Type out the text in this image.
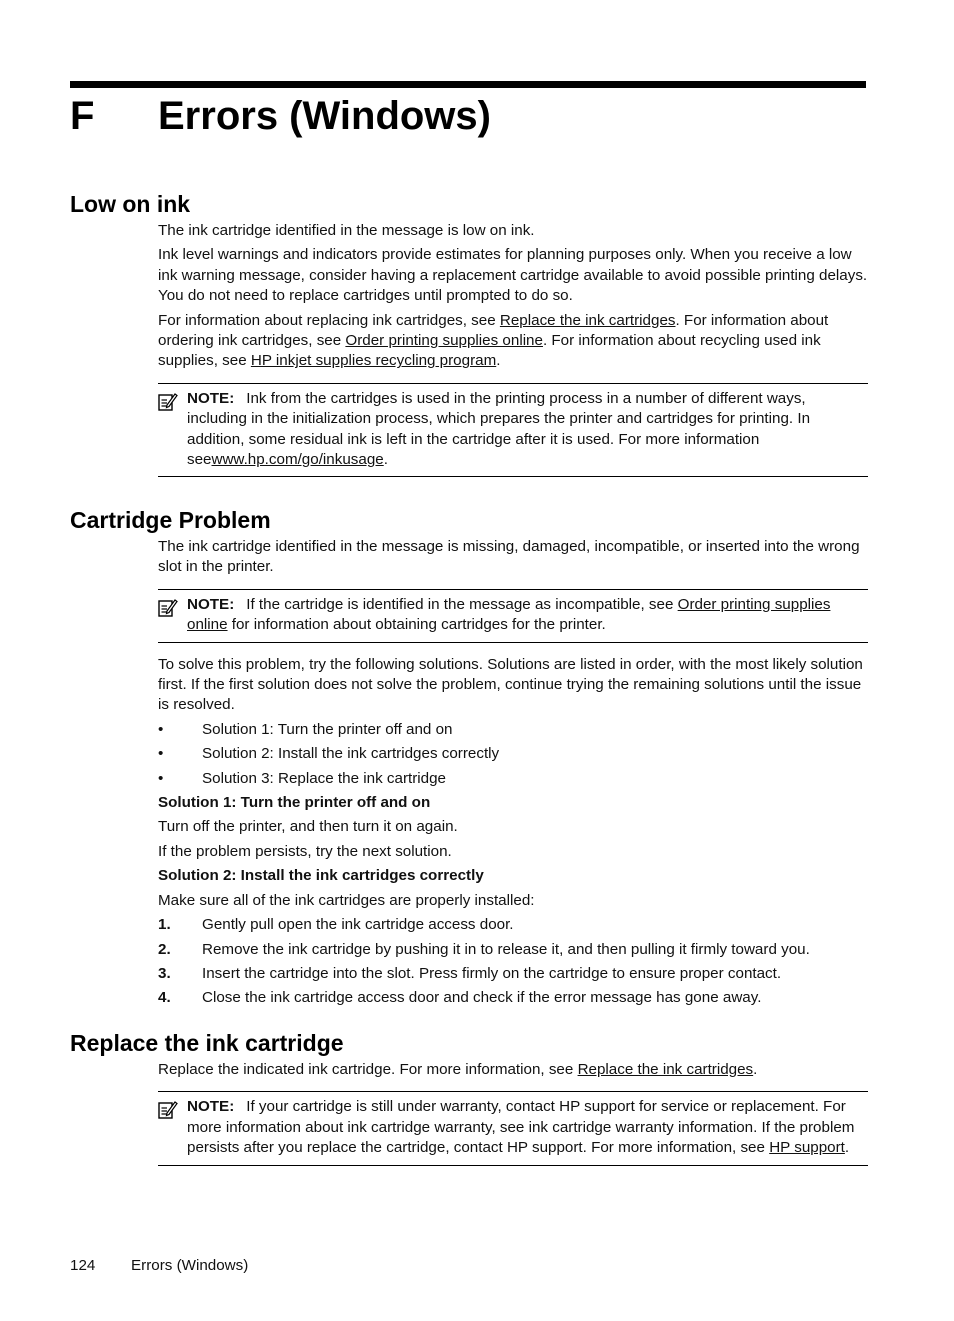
F Errors (Windows)
Low on ink

The ink cartridge identified in the message is low on ink.

Ink level warnings and indicators provide estimates for planning purposes only. When you receive a low ink warning message, consider having a replacement cartridge available to avoid possible printing delays. You do not need to replace cartridges until prompted to do so.

For information about replacing ink cartridges, see Replace the ink cartridges. For information about ordering ink cartridges, see Order printing supplies online. For information about recycling used ink supplies, see HP inkjet supplies recycling program.

NOTE: Ink from the cartridges is used in the printing process in a number of different ways, including in the initialization process, which prepares the printer and cartridges for printing. In addition, some residual ink is left in the cartridge after it is used. For more information seewww.hp.com/go/inkusage.
Cartridge Problem

The ink cartridge identified in the message is missing, damaged, incompatible, or inserted into the wrong slot in the printer.

NOTE: If the cartridge is identified in the message as incompatible, see Order printing supplies online for information about obtaining cartridges for the printer.

To solve this problem, try the following solutions. Solutions are listed in order, with the most likely solution first. If the first solution does not solve the problem, continue trying the remaining solutions until the issue is resolved.

•	Solution 1: Turn the printer off and on
•	Solution 2: Install the ink cartridges correctly
•	Solution 3: Replace the ink cartridge

Solution 1: Turn the printer off and on

Turn off the printer, and then turn it on again.

If the problem persists, try the next solution.

Solution 2: Install the ink cartridges correctly

Make sure all of the ink cartridges are properly installed:

1. Gently pull open the ink cartridge access door.
2. Remove the ink cartridge by pushing it in to release it, and then pulling it firmly toward you.
3. Insert the cartridge into the slot. Press firmly on the cartridge to ensure proper contact.
4. Close the ink cartridge access door and check if the error message has gone away.
Replace the ink cartridge

Replace the indicated ink cartridge. For more information, see Replace the ink cartridges.

NOTE: If your cartridge is still under warranty, contact HP support for service or replacement. For more information about ink cartridge warranty, see ink cartridge warranty information. If the problem persists after you replace the cartridge, contact HP support. For more information, see HP support.
124 Errors (Windows)
